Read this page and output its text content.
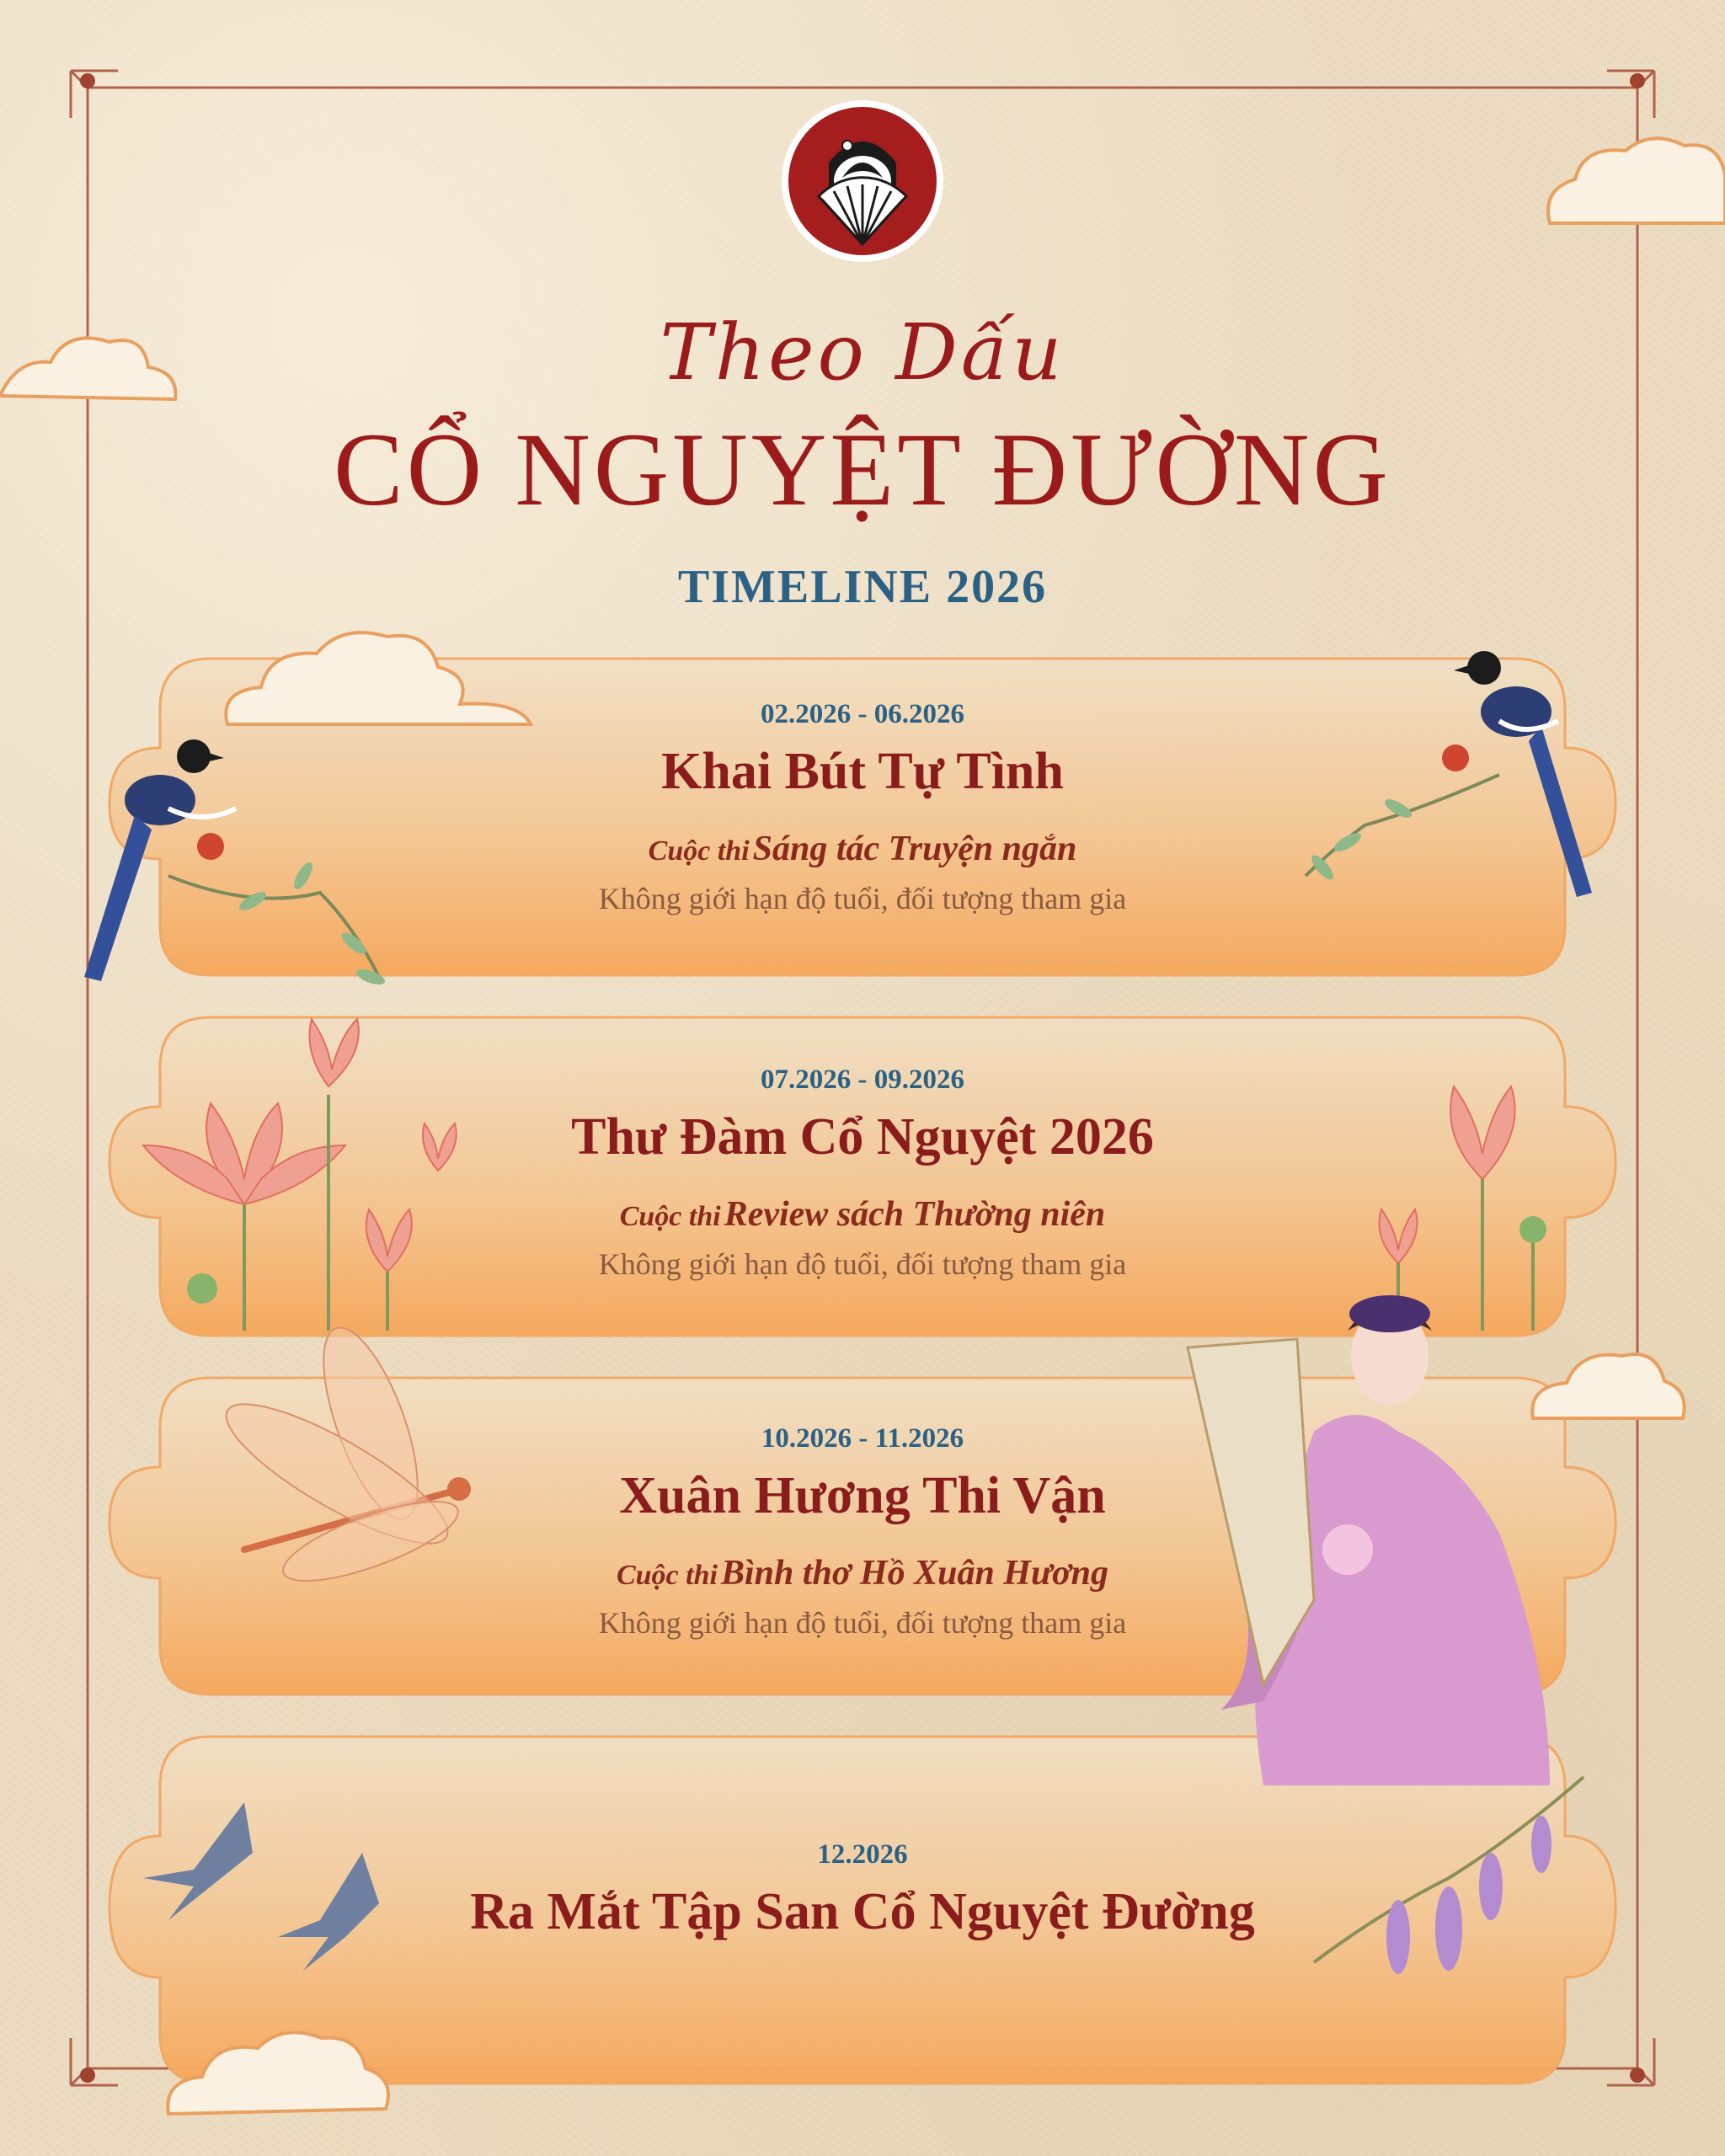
Theo Dấu
CỔ NGUYỆT ĐƯỜNG
TIMELINE 2026
02.2026 - 06.2026
Khai Bút Tự Tình
Cuộc thi Sáng tác Truyện ngắn
Không giới hạn độ tuổi, đối tượng tham gia
07.2026 - 09.2026
Thư Đàm Cổ Nguyệt 2026
Cuộc thi Review sách Thường niên
Không giới hạn độ tuổi, đối tượng tham gia
10.2026 - 11.2026
Xuân Hương Thi Vận
Cuộc thi Bình thơ Hồ Xuân Hương
Không giới hạn độ tuổi, đối tượng tham gia
12.2026
Ra Mắt Tập San Cổ Nguyệt Đường
